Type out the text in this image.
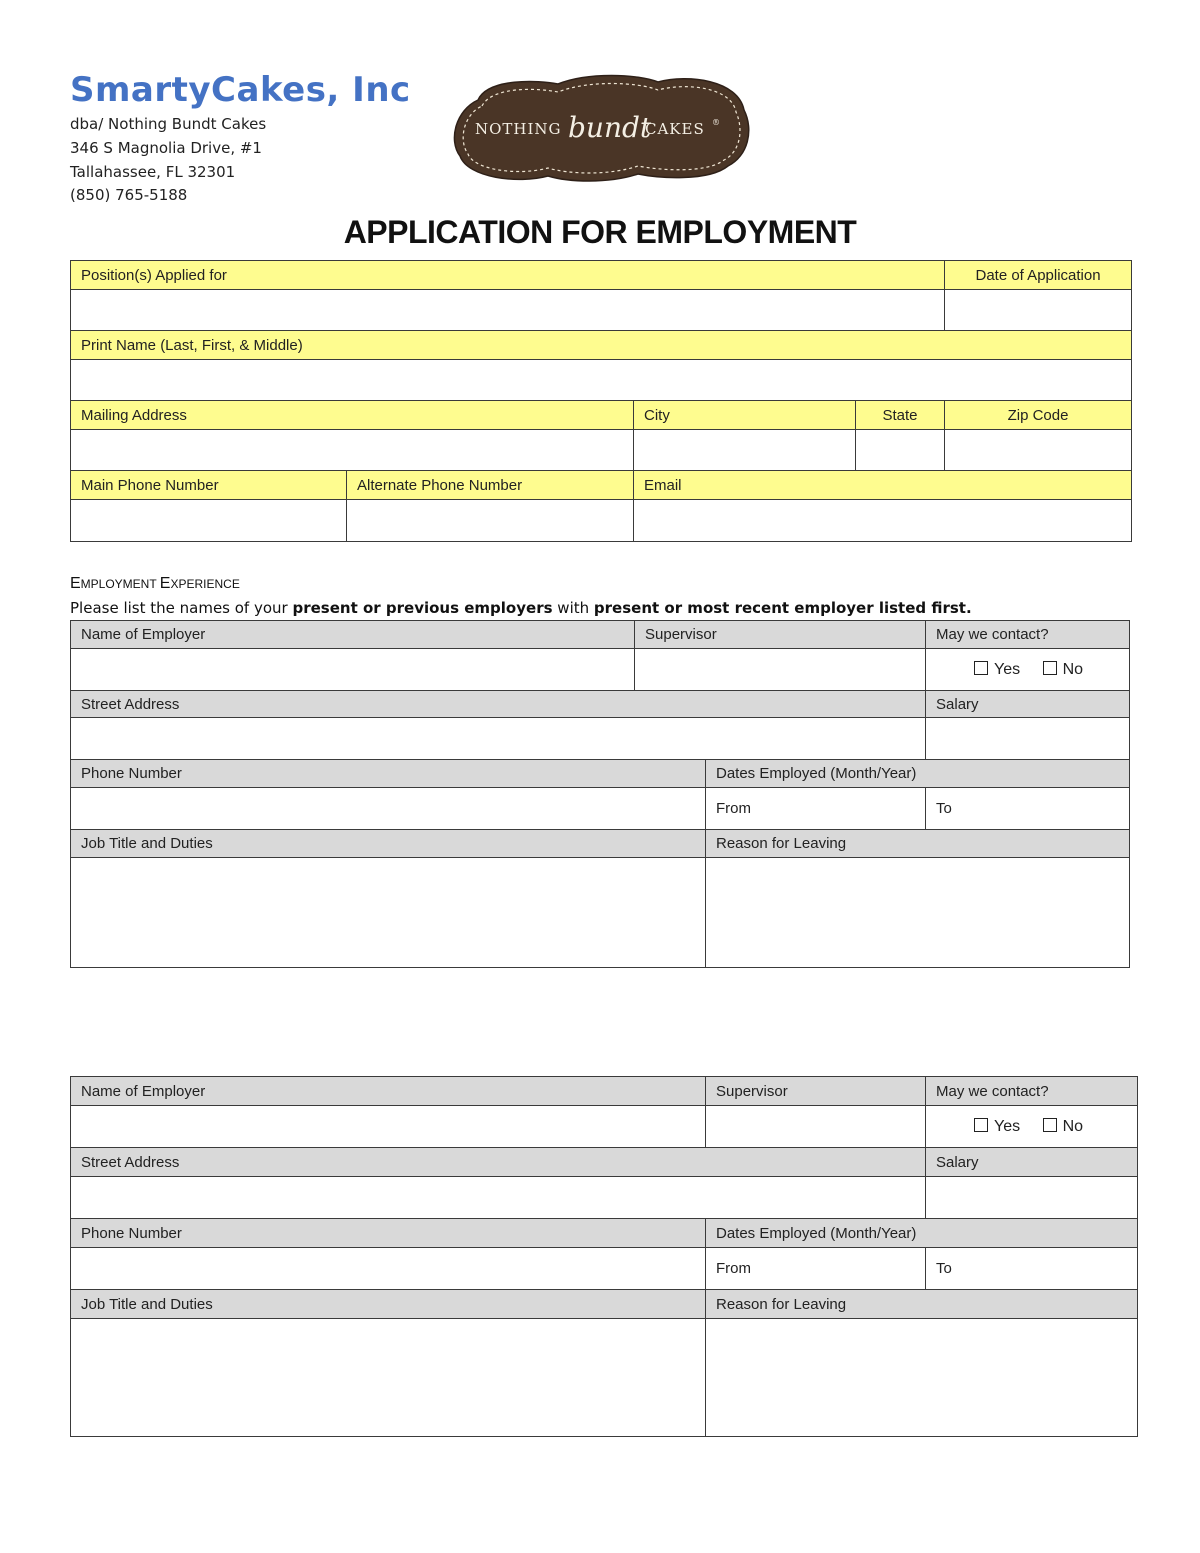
SmartyCakes, Inc
dba/ Nothing Bundt Cakes
346 S Magnolia Drive, #1
Tallahassee, FL 32301
(850) 765-5188
NOTHING bundt
CAKES ®
APPLICATION FOR EMPLOYMENT
Position(s) Applied for				Date of Application

Print Name (Last, First, & Middle)				

Mailing Address		City	State	Zip Code

Main Phone Number	Alternate Phone Number	Email		

EMPLOYMENT EXPERIENCE
Please list the names of your present or previous employers with present or most recent employer listed first.
Name of Employer	Supervisor		May we contact?
			Yes No
Street Address			Salary

Phone Number		Dates Employed (Month/Year)	
		From	To
Job Title and Duties		Reason for Leaving	

Name of Employer	Supervisor	May we contact?
		Yes No
Street Address		Salary

Phone Number	Dates Employed (Month/Year)	
	From	To
Job Title and Duties	Reason for Leaving	
